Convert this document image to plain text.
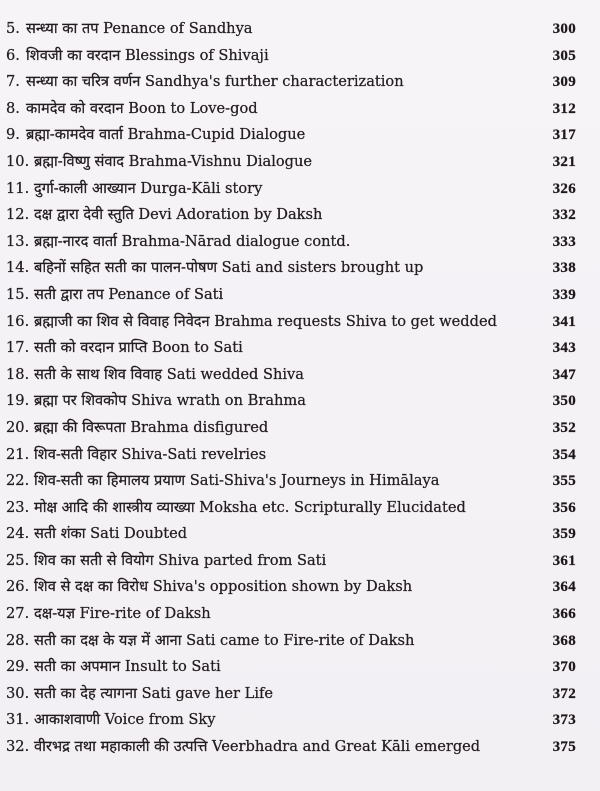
5. सन्ध्या का तप Penance of Sandhya	300
6. शिवजी का वरदान Blessings of Shivaji	305
7. सन्ध्या का चरित्र वर्णन Sandhya's further characterization	309
8. कामदेव को वरदान Boon to Love-god	312
9. ब्रह्मा-कामदेव वार्ता Brahma-Cupid Dialogue	317
10. ब्रह्मा-विष्णु संवाद Brahma-Vishnu Dialogue	321
11. दुर्गा-काली आख्यान Durga-Kāli story	326
12. दक्ष द्वारा देवी स्तुति Devi Adoration by Daksh	332
13. ब्रह्मा-नारद वार्ता Brahma-Nārad dialogue contd.	333
14. बहिनों सहित सती का पालन-पोषण Sati and sisters brought up	338
15. सती द्वारा तप Penance of Sati	339
16. ब्रह्माजी का शिव से विवाह निवेदन Brahma requests Shiva to get wedded	341
17. सती को वरदान प्राप्ति Boon to Sati	343
18. सती के साथ शिव विवाह Sati wedded Shiva	347
19. ब्रह्मा पर शिवकोप Shiva wrath on Brahma	350
20. ब्रह्मा की विरूपता Brahma disfigured	352
21. शिव-सती विहार Shiva-Sati revelries	354
22. शिव-सती का हिमालय प्रयाण Sati-Shiva's Journeys in Himālaya	355
23. मोक्ष आदि की शास्त्रीय व्याख्या Moksha etc. Scripturally Elucidated	356
24. सती शंका Sati Doubted	359
25. शिव का सती से वियोग Shiva parted from Sati	361
26. शिव से दक्ष का विरोध Shiva's opposition shown by Daksh	364
27. दक्ष-यज्ञ Fire-rite of Daksh	366
28. सती का दक्ष के यज्ञ में आना Sati came to Fire-rite of Daksh	368
29. सती का अपमान Insult to Sati	370
30. सती का देह त्यागना Sati gave her Life	372
31. आकाशवाणी Voice from Sky	373
32. वीरभद्र तथा महाकाली की उत्पत्ति Veerbhadra and Great Kāli emerged	375
